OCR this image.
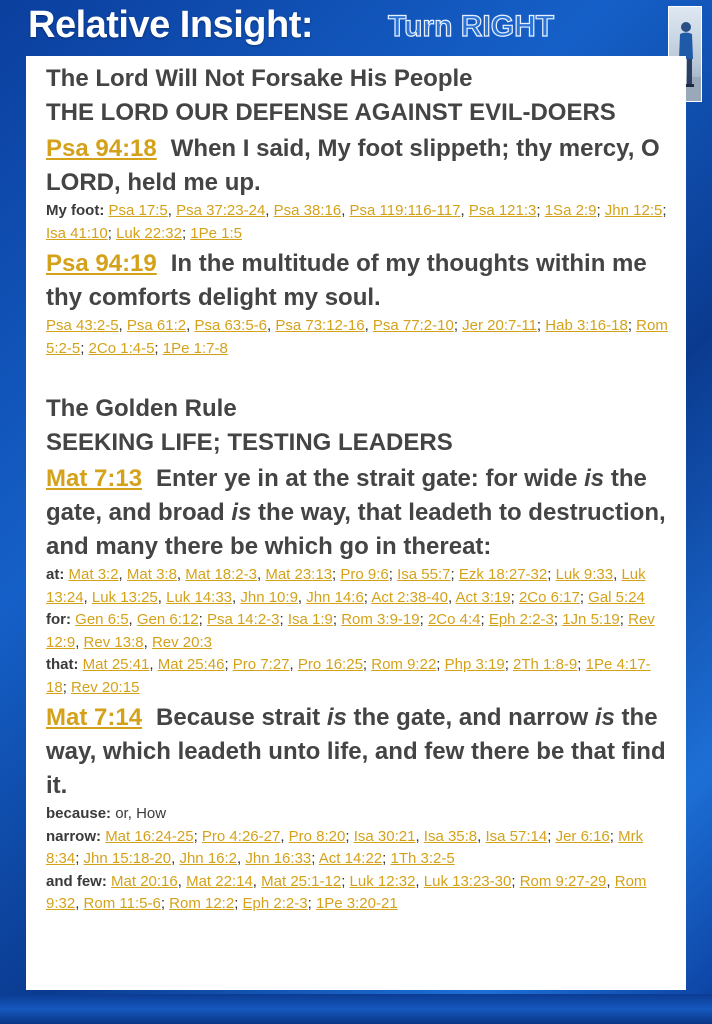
Relative Insight:	Turn RIGHT
The Lord Will Not Forsake His People
THE LORD OUR DEFENSE AGAINST EVIL-DOERS
Psa 94:18 When I said, My foot slippeth; thy mercy, O LORD, held me up.
My foot: Psa 17:5, Psa 37:23-24, Psa 38:16, Psa 119:116-117, Psa 121:3; 1Sa 2:9; Jhn 12:5; Isa 41:10; Luk 22:32; 1Pe 1:5
Psa 94:19 In the multitude of my thoughts within me thy comforts delight my soul.
Psa 43:2-5, Psa 61:2, Psa 63:5-6, Psa 73:12-16, Psa 77:2-10; Jer 20:7-11; Hab 3:16-18; Rom 5:2-5; 2Co 1:4-5; 1Pe 1:7-8
The Golden Rule
SEEKING LIFE; TESTING LEADERS
Mat 7:13 Enter ye in at the strait gate: for wide is the gate, and broad is the way, that leadeth to destruction, and many there be which go in thereat:
at: Mat 3:2, Mat 3:8, Mat 18:2-3, Mat 23:13; Pro 9:6; Isa 55:7; Ezk 18:27-32; Luk 9:33, Luk 13:24, Luk 13:25, Luk 14:33, Jhn 10:9, Jhn 14:6; Act 2:38-40, Act 3:19; 2Co 6:17; Gal 5:24
for: Gen 6:5, Gen 6:12; Psa 14:2-3; Isa 1:9; Rom 3:9-19; 2Co 4:4; Eph 2:2-3; 1Jn 5:19; Rev 12:9, Rev 13:8, Rev 20:3
that: Mat 25:41, Mat 25:46; Pro 7:27, Pro 16:25; Rom 9:22; Php 3:19; 2Th 1:8-9; 1Pe 4:17-18; Rev 20:15
Mat 7:14 Because strait is the gate, and narrow is the way, which leadeth unto life, and few there be that find it.
because: or, How
narrow: Mat 16:24-25; Pro 4:26-27, Pro 8:20; Isa 30:21, Isa 35:8, Isa 57:14; Jer 6:16; Mrk 8:34; Jhn 15:18-20, Jhn 16:2, Jhn 16:33; Act 14:22; 1Th 3:2-5
and few: Mat 20:16, Mat 22:14, Mat 25:1-12; Luk 12:32, Luk 13:23-30; Rom 9:27-29, Rom 9:32, Rom 11:5-6; Rom 12:2; Eph 2:2-3; 1Pe 3:20-21
